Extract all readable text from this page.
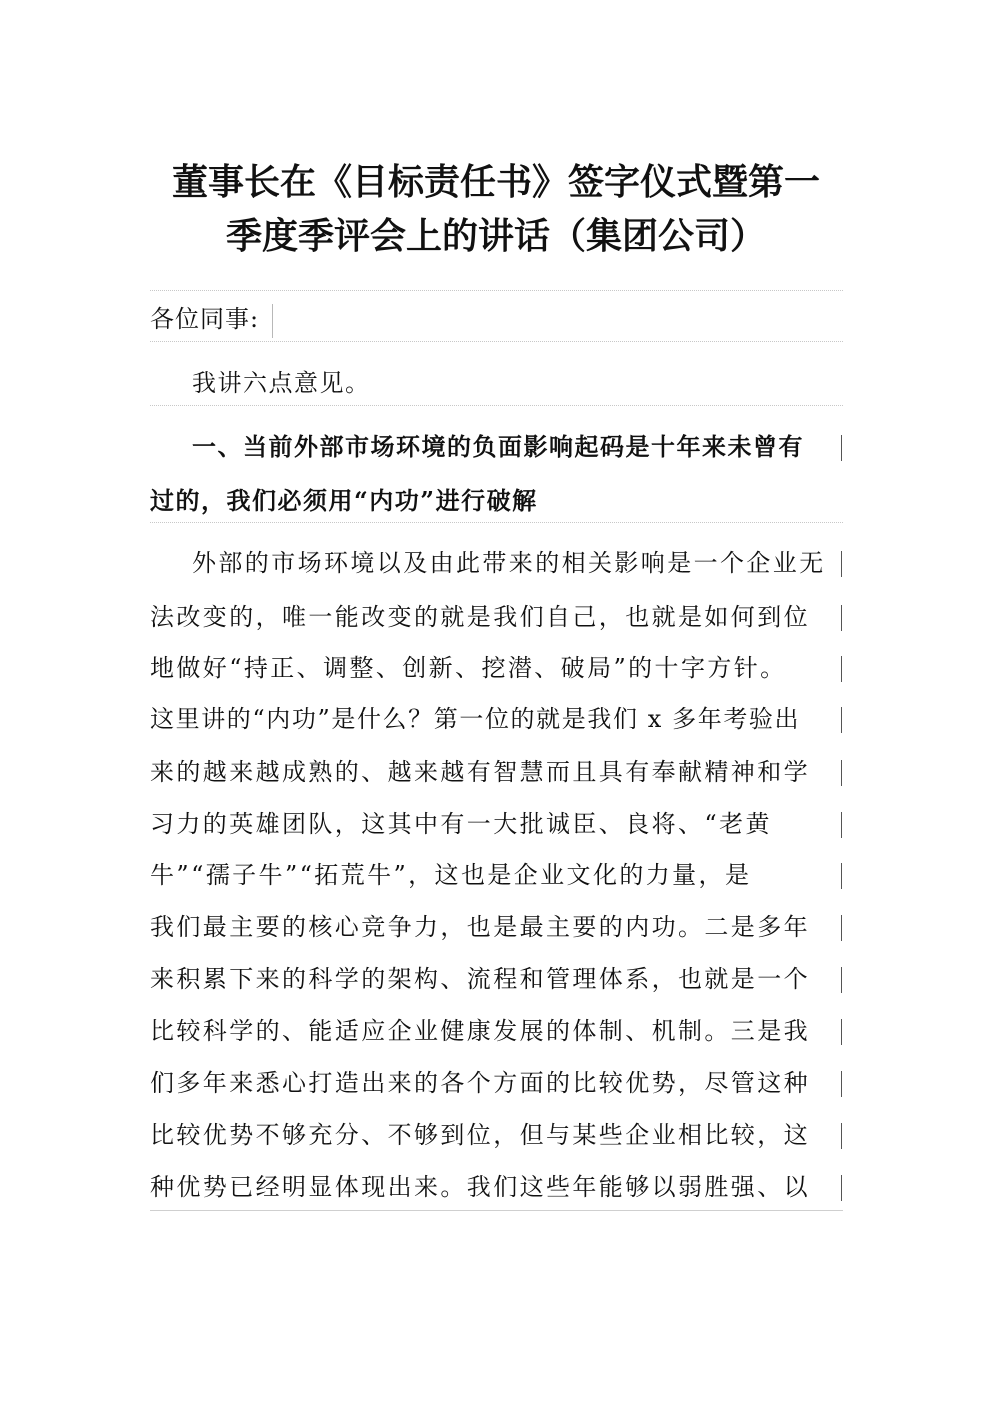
董事长在《目标责任书》签字仪式暨第一
季度季评会上的讲话（集团公司）
各位同事:
我讲六点意见。
一、当前外部市场环境的负面影响起码是十年来未曾有
过的，我们必须用“内功”进行破解
外部的市场环境以及由此带来的相关影响是一个企业无
法改变的，唯一能改变的就是我们自己，也就是如何到位
地做好“持正、调整、创新、挖潜、破局”的十字方针。
这里讲的“内功”是什么？第一位的就是我们 x 多年考验出
来的越来越成熟的、越来越有智慧而且具有奉献精神和学
习力的英雄团队，这其中有一大批诚臣、良将、“老黄
牛”“孺子牛”“拓荒牛”，这也是企业文化的力量，是
我们最主要的核心竞争力，也是最主要的内功。二是多年
来积累下来的科学的架构、流程和管理体系，也就是一个
比较科学的、能适应企业健康发展的体制、机制。三是我
们多年来悉心打造出来的各个方面的比较优势，尽管这种
比较优势不够充分、不够到位，但与某些企业相比较，这
种优势已经明显体现出来。我们这些年能够以弱胜强、以
